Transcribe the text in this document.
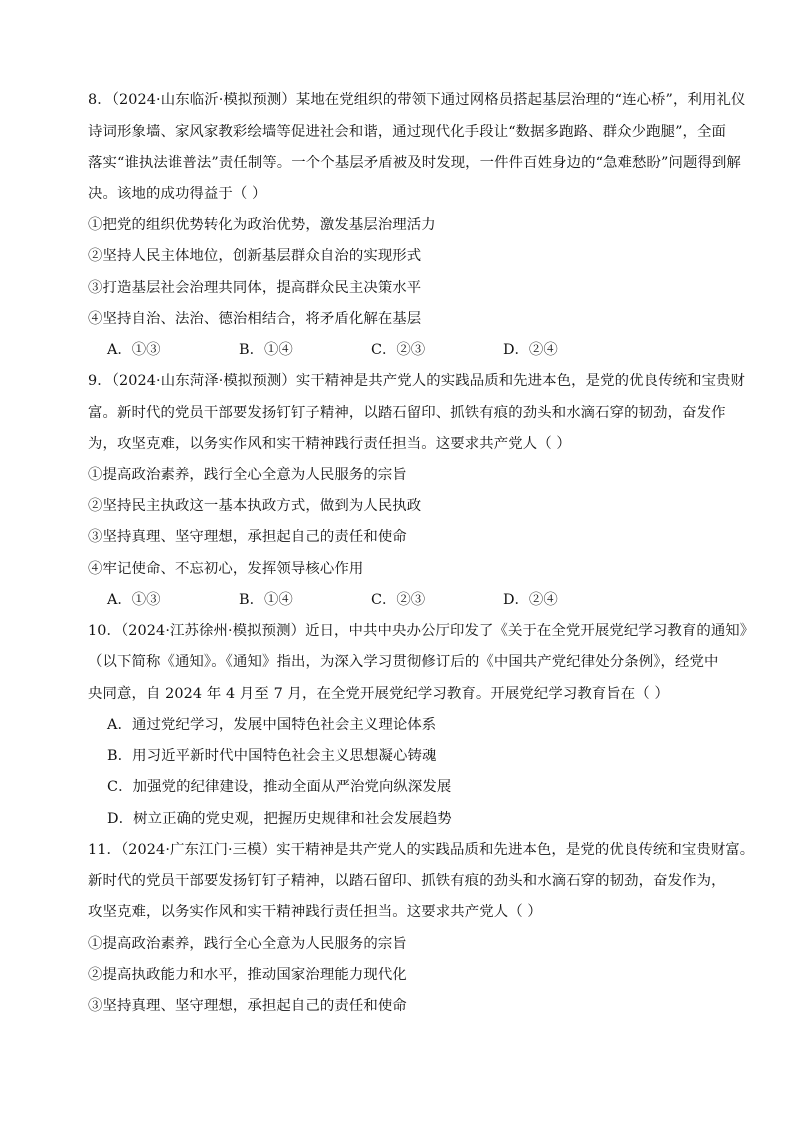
8．（2024·山东临沂·模拟预测）某地在党组织的带领下通过网格员搭起基层治理的“连心桥”，利用礼仪
诗词形象墙、家风家教彩绘墙等促进社会和谐，通过现代化手段让“数据多跑路、群众少跑腿”，全面
落实“谁执法谁普法”责任制等。一个个基层矛盾被及时发现，一件件百姓身边的“急难愁盼”问题得到解
决。该地的成功得益于（ ）
①把党的组织优势转化为政治优势，激发基层治理活力
②坚持人民主体地位，创新基层群众自治的实现形式
③打造基层社会治理共同体，提高群众民主决策水平
④坚持自治、法治、德治相结合，将矛盾化解在基层
A．①③	B．①④	C．②③	D．②④
9．（2024·山东菏泽·模拟预测）实干精神是共产党人的实践品质和先进本色，是党的优良传统和宝贵财
富。新时代的党员干部要发扬钉钉子精神，以踏石留印、抓铁有痕的劲头和水滴石穿的韧劲，奋发作
为，攻坚克难，以务实作风和实干精神践行责任担当。这要求共产党人（ ）
①提高政治素养，践行全心全意为人民服务的宗旨
②坚持民主执政这一基本执政方式，做到为人民执政
③坚持真理、坚守理想，承担起自己的责任和使命
④牢记使命、不忘初心，发挥领导核心作用
A．①③	B．①④	C．②③	D．②④
10．（2024·江苏徐州·模拟预测）近日，中共中央办公厅印发了《关于在全党开展党纪学习教育的通知》
（以下简称《通知》。《通知》指出，为深入学习贯彻修订后的《中国共产党纪律处分条例》，经党中
央同意，自 2024 年 4 月至 7 月，在全党开展党纪学习教育。开展党纪学习教育旨在（ ）
A．通过党纪学习，发展中国特色社会主义理论体系
B．用习近平新时代中国特色社会主义思想凝心铸魂
C．加强党的纪律建设，推动全面从严治党向纵深发展
D．树立正确的党史观，把握历史规律和社会发展趋势
11．（2024·广东江门·三模）实干精神是共产党人的实践品质和先进本色，是党的优良传统和宝贵财富。
新时代的党员干部要发扬钉钉子精神，以踏石留印、抓铁有痕的劲头和水滴石穿的韧劲，奋发作为，
攻坚克难，以务实作风和实干精神践行责任担当。这要求共产党人（ ）
①提高政治素养，践行全心全意为人民服务的宗旨
②提高执政能力和水平，推动国家治理能力现代化
③坚持真理、坚守理想，承担起自己的责任和使命
